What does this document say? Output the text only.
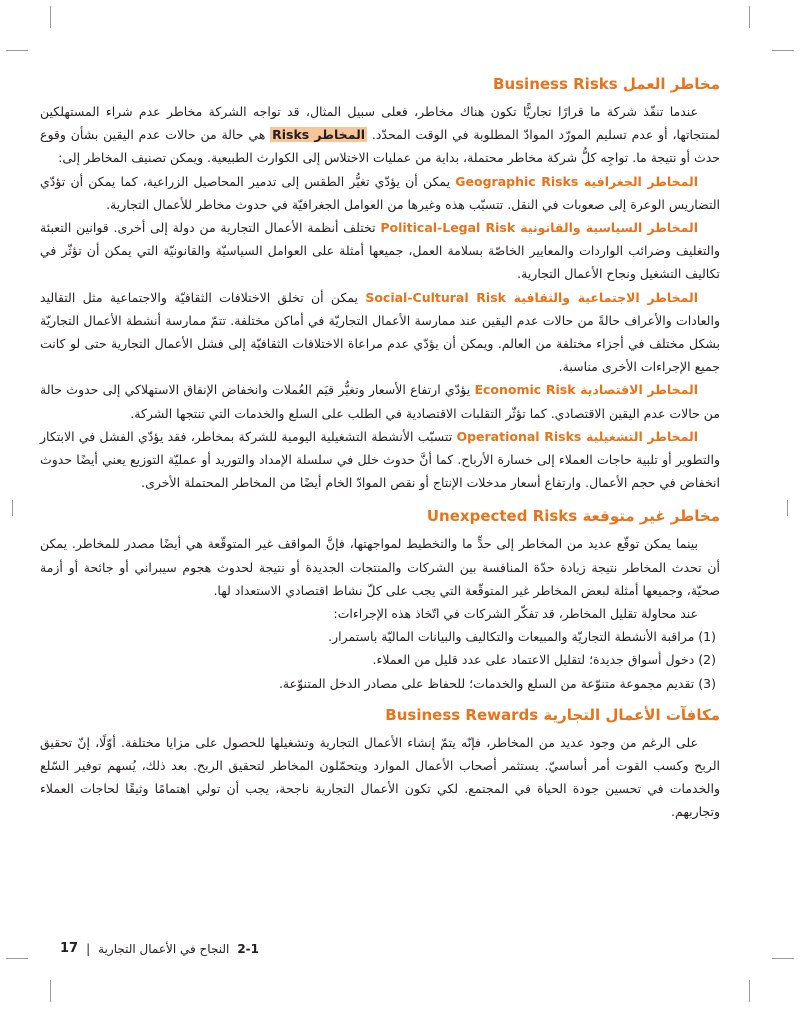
مخاطر العمل Business Risks

عندما تنفّذ شركة ما قرارًا تجاريًّا تكون هناك مخاطر، فعلى سبيل المثال، قد تواجه الشركة مخاطر عدم شراء المستهلكين لمنتجاتها، أو عدم تسليم المورّد الموادّ المطلوبة في الوقت المحدّد. المخاطر Risks هي حالة من حالات عدم اليقين بشأن وقوع حدث أو نتيجة ما. تواجِه كلُّ شركة مخاطر محتملة، بداية من عمليات الاختلاس إلى الكوارث الطبيعية. ويمكن تصنيف المخاطر إلى:

المخاطر الجغرافية Geographic Risks يمكن أن يؤدّي تغيُّر الطقس إلى تدمير المحاصيل الزراعية، كما يمكن أن تؤدّي التضاريس الوعرة إلى صعوبات في النقل. تتسبّب هذه وغيرها من العوامل الجغرافيّة في حدوث مخاطر للأعمال التجارية.

المخاطر السياسية والقانونية Political-Legal Risk تختلف أنظمة الأعمال التجارية من دولة إلى أخرى. قوانين التعبئة والتغليف وضرائب الواردات والمعايير الخاصّة بسلامة العمل، جميعها أمثلة على العوامل السياسيّة والقانونيّة التي يمكن أن تؤثّر في تكاليف التشغيل ونجاح الأعمال التجارية.

المخاطر الاجتماعية والثقافية Social-Cultural Risk يمكن أن تخلق الاختلافات الثقافيّة والاجتماعية مثل التقاليد والعادات والأعراف حالةً من حالات عدم اليقين عند ممارسة الأعمال التجاريّة في أماكن مختلفة. تتمّ ممارسة أنشطة الأعمال التجاريّة بشكل مختلف في أجزاء مختلفة من العالم. ويمكن أن يؤدّي عدم مراعاة الاختلافات الثقافيّة إلى فشل الأعمال التجارية حتى لو كانت جميع الإجراءات الأخرى مناسبة.

المخاطر الاقتصادية Economic Risk يؤدّي ارتفاع الأسعار وتغيُّر قيَم العُملات وانخفاض الإنفاق الاستهلاكي إلى حدوث حالة من حالات عدم اليقين الاقتصادي. كما تؤثّر التقلبات الاقتصادية في الطلب على السلع والخدمات التي تنتجها الشركة.

المخاطر التشغيلية Operational Risks تتسبّب الأنشطة التشغيلية اليومية للشركة بمخاطر، فقد يؤدّي الفشل في الابتكار والتطوير أو تلبية حاجات العملاء إلى خسارة الأرباح. كما أنَّ حدوث خلل في سلسلة الإمداد والتوريد أو عمليّة التوزيع يعني أيضًا حدوث انخفاض في حجم الأعمال. وارتفاع أسعار مدخلات الإنتاج أو نقص الموادّ الخام أيضًا من المخاطر المحتملة الأخرى.

مخاطر غير متوقعة Unexpected Risks

بينما يمكن توقّع عديد من المخاطر إلى حدٍّ ما والتخطيط لمواجهتها، فإنَّ المواقف غير المتوقّعة هي أيضًا مصدر للمخاطر. يمكن أن تحدث المخاطر نتيجة زيادة حدّة المنافسة بين الشركات والمنتجات الجديدة أو نتيجة لحدوث هجوم سيبراني أو جائحة أو أزمة صحيّة، وجميعها أمثلة لبعض المخاطر غير المتوقّعة التي يجب على كلّ نشاط اقتصادي الاستعداد لها.

عند محاولة تقليل المخاطر، قد تفكّر الشركات في اتّخاذ هذه الإجراءات:

(1) مراقبة الأنشطة التجاريّة والمبيعات والتكاليف والبيانات الماليّة باستمرار.
(2) دخول أسواق جديدة؛ لتقليل الاعتماد على عدد قليل من العملاء.
(3) تقديم مجموعة متنوّعة من السلع والخدمات؛ للحفاظ على مصادر الدخل المتنوّعة.
مكافآت الأعمال التجارية Business Rewards

على الرغم من وجود عديد من المخاطر، فإنّه يتمّ إنشاء الأعمال التجارية وتشغيلها للحصول على مزايا مختلفة. أوّلًا، إنّ تحقيق الربح وكسب القوت أمر أساسيّ. يستثمر أصحاب الأعمال الموارد ويتحمّلون المخاطر لتحقيق الربح. بعد ذلك، يُسهم توفير السّلع والخدمات في تحسين جودة الحياة في المجتمع. لكي تكون الأعمال التجارية ناجحة، يجب أن تولي اهتمامًا وثيقًا لحاجات العملاء وتجاربهم.

17 | النجاح في الأعمال التجارية 2-1
